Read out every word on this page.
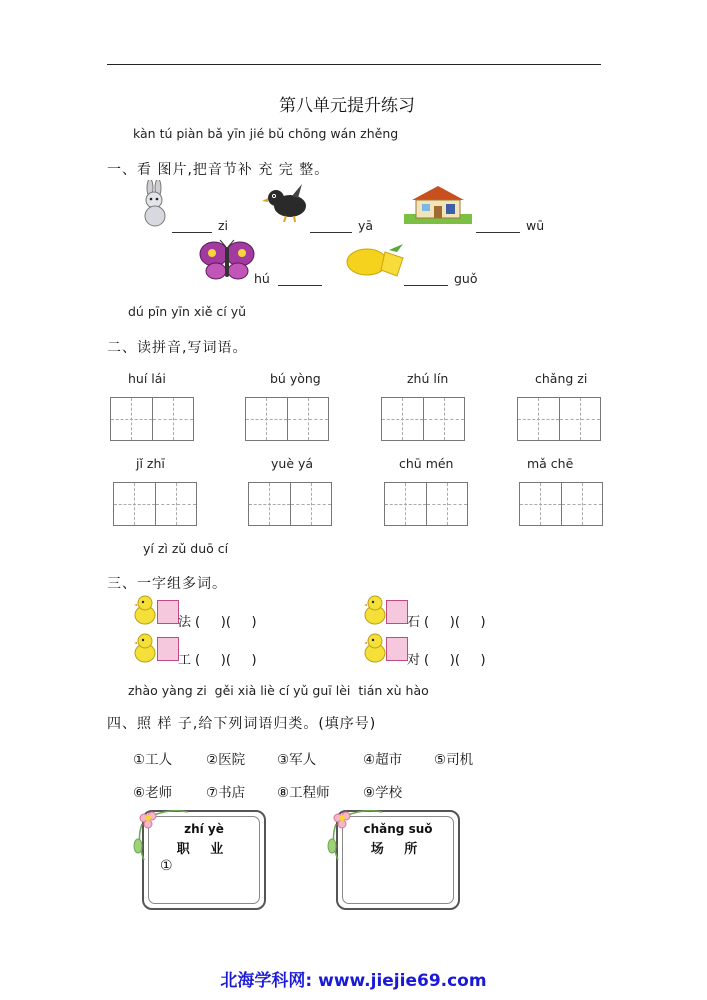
第八单元提升练习
kàn tú piàn bǎ yīn jié bǔ chōng wán zhěng
一、看 图片,把音节补 充 完 整。
zi	yā	wū
hú	guǒ
dú pīn yīn xiě cí yǔ
二、读拼音,写词语。
huí lái	bú yòng	zhú lín	chǎng zi
jǐ zhī	yuè yá	chū mén	mǎ chē
yí zì zǔ duō cí
三、一字组多词。
法 (     )(     )	石 (     )(     )
工 (     )(     )	对 (     )(     )
zhào yàng zi  gěi xià liè cí yǔ guī lèi  tián xù hào
四、照 样 子,给下列词语归类。(填序号)
①工人	②医院 ③军人	④超市 ⑤司机
⑥老师	⑦书店 ⑧工程师 ⑨学校
zhí yè
职 业
①
chǎng suǒ
场 所
北海学科网: www.jiejie69.com
